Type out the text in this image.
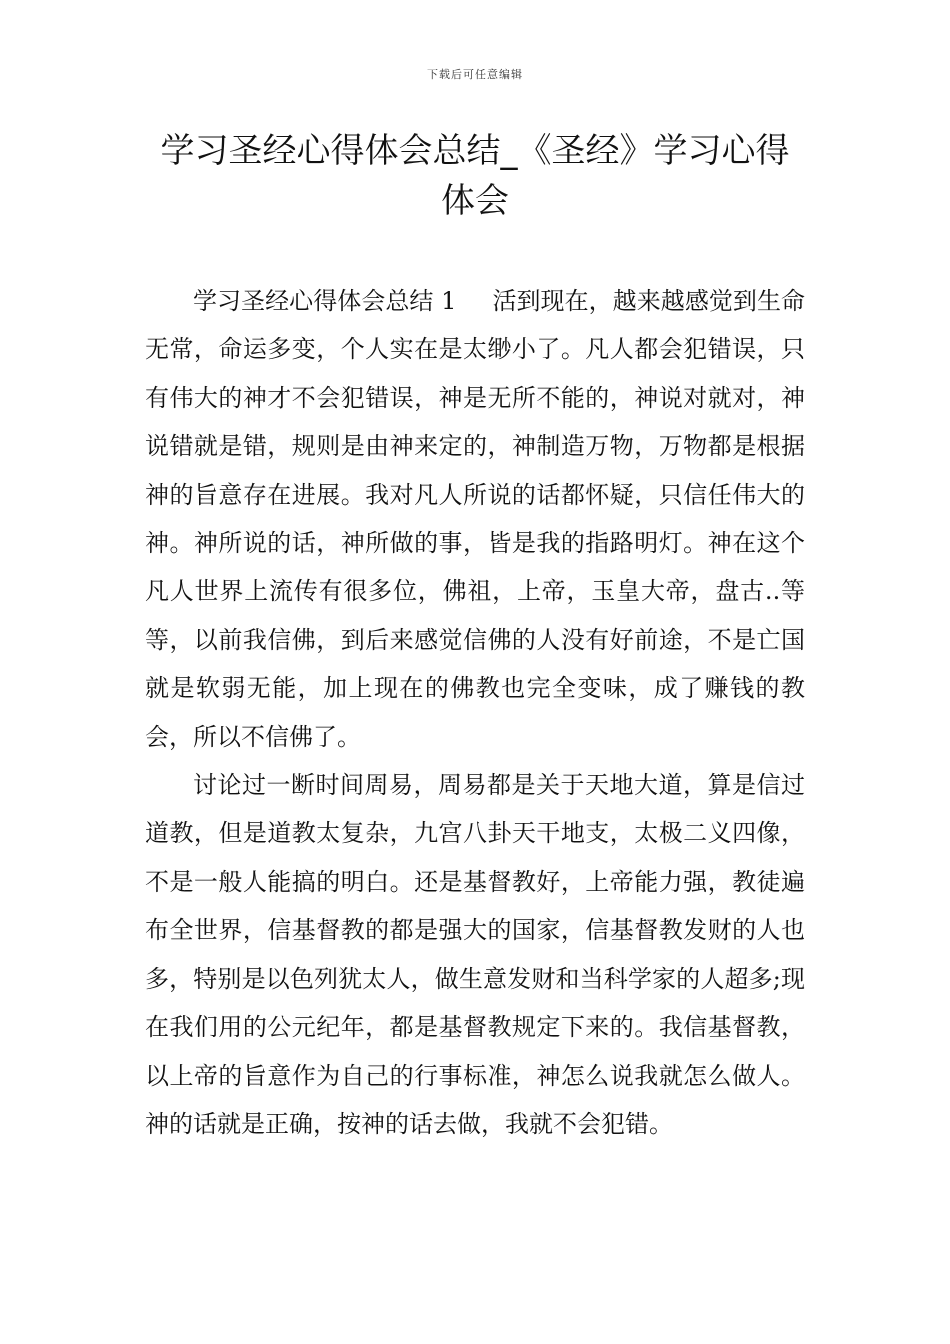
下载后可任意编辑
学习圣经心得体会总结_《圣经》学习心得体会

学习圣经心得体会总结 1 活到现在，越来越感觉到生命无常，命运多变，个人实在是太缈小了。凡人都会犯错误，只有伟大的神才不会犯错误，神是无所不能的，神说对就对，神说错就是错，规则是由神来定的，神制造万物，万物都是根据神的旨意存在进展。我对凡人所说的话都怀疑，只信任伟大的神。神所说的话，神所做的事，皆是我的指路明灯。神在这个凡人世界上流传有很多位，佛祖，上帝，玉皇大帝，盘古..等等，以前我信佛，到后来感觉信佛的人没有好前途，不是亡国就是软弱无能，加上现在的佛教也完全变味，成了赚钱的教会，所以不信佛了。

讨论过一断时间周易，周易都是关于天地大道，算是信过道教，但是道教太复杂，九宫八卦天干地支，太极二义四像，不是一般人能搞的明白。还是基督教好，上帝能力强，教徒遍布全世界，信基督教的都是强大的国家，信基督教发财的人也多，特别是以色列犹太人，做生意发财和当科学家的人超多;现在我们用的公元纪年，都是基督教规定下来的。我信基督教，以上帝的旨意作为自己的行事标准，神怎么说我就怎么做人。神的话就是正确，按神的话去做，我就不会犯错。
